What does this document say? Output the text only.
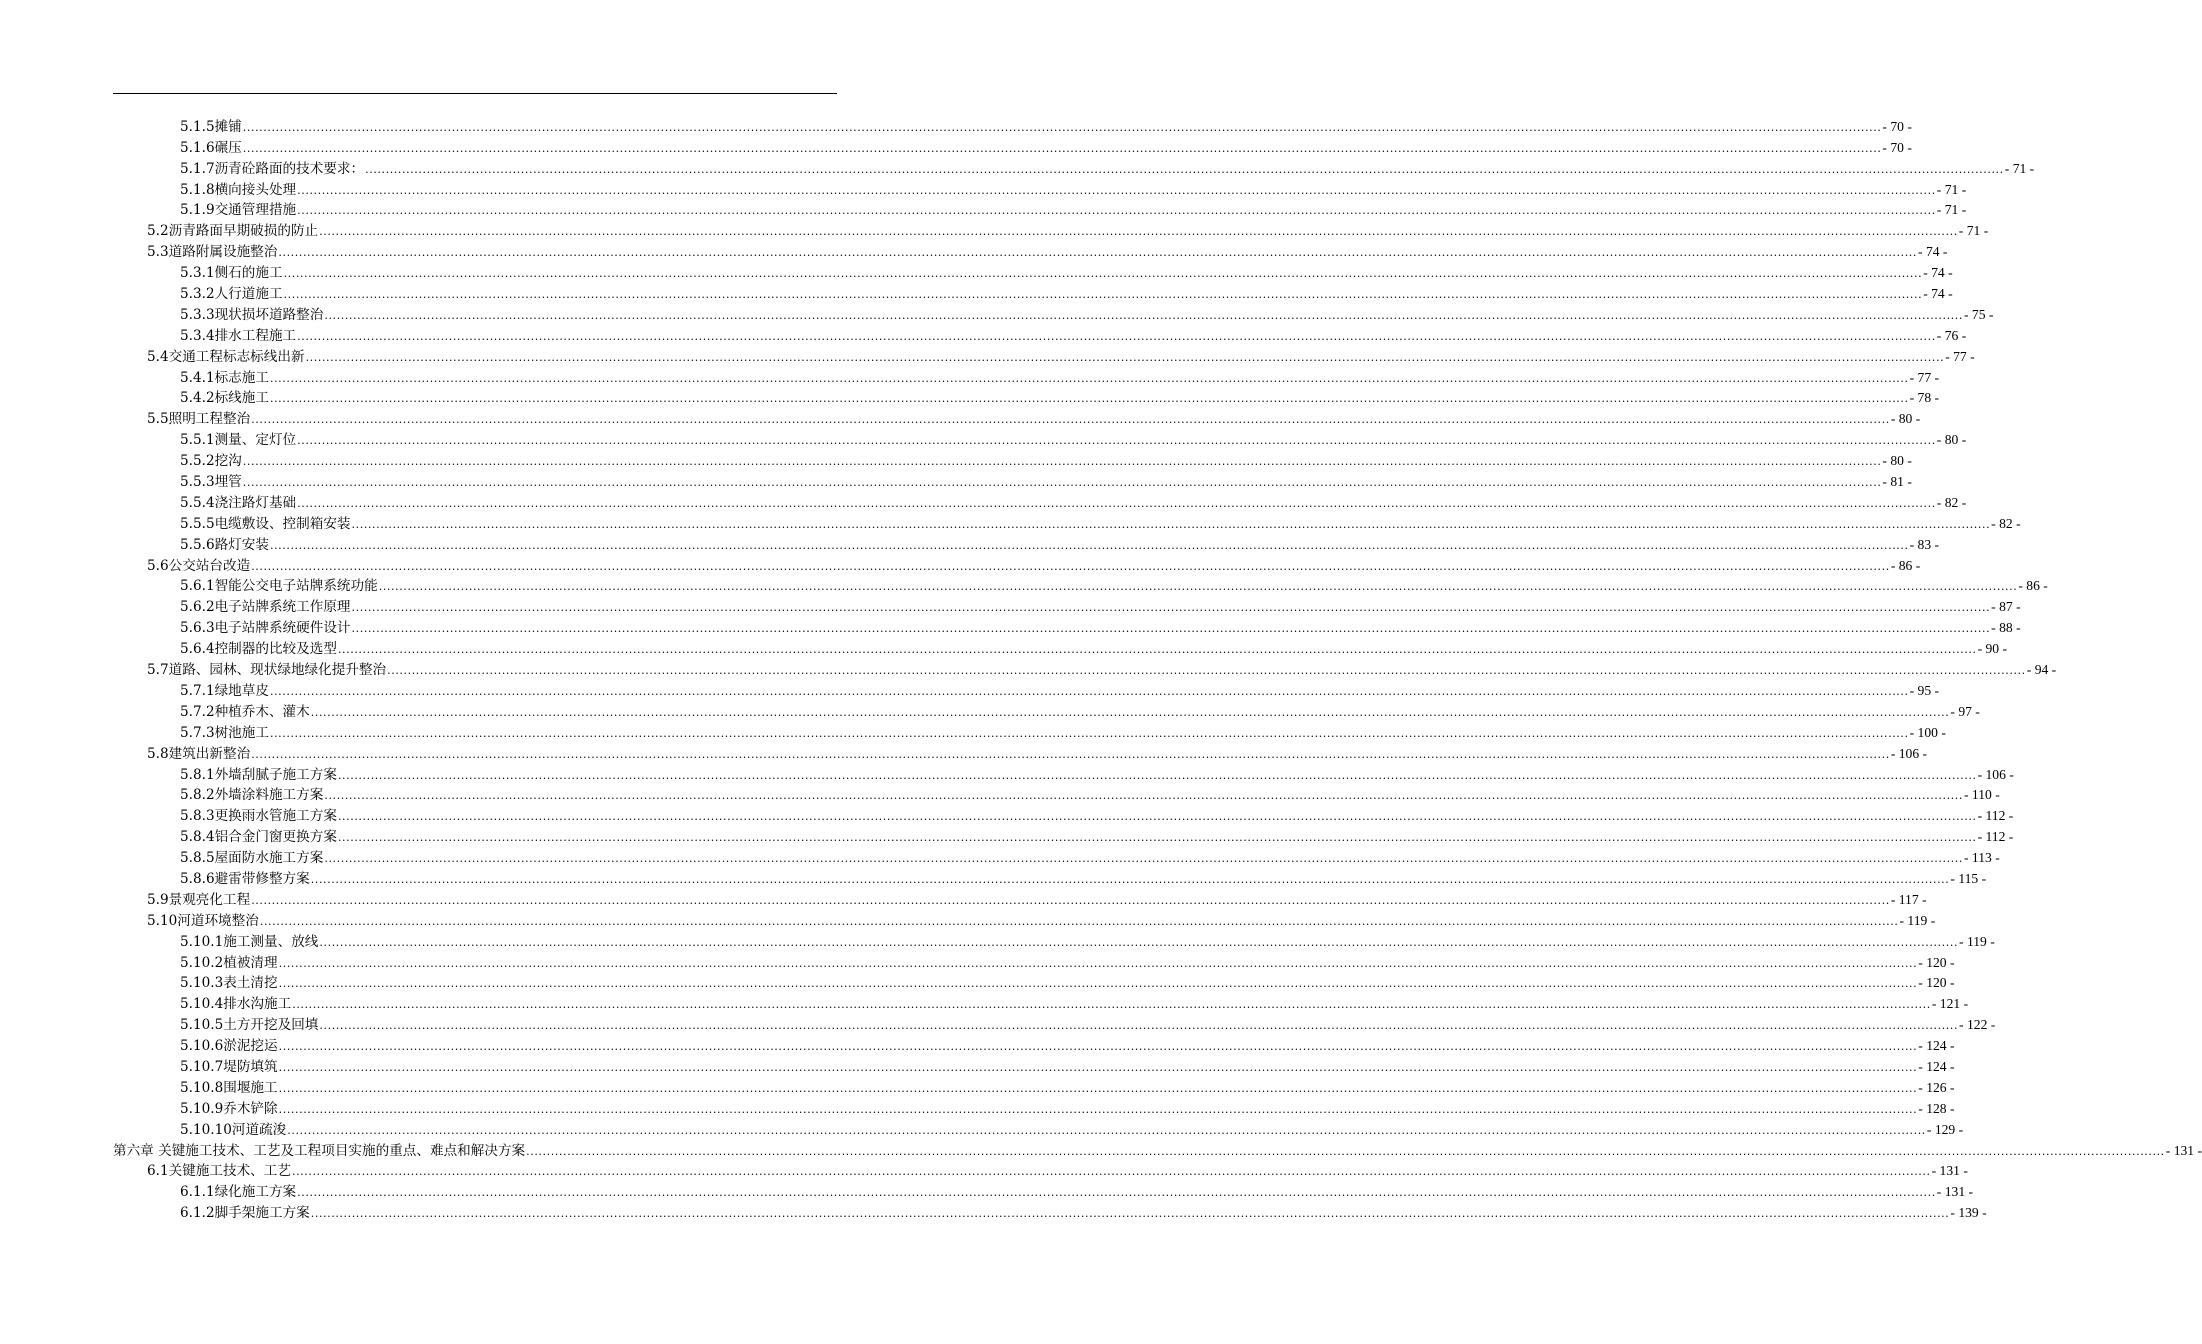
5.1.5摊铺 ................................................................................................................................................................................................................................................................................................................................................................................................................ - 70 -
5.1.6碾压 ................................................................................................................................................................................................................................................................................................................................................................................................................ - 70 -
5.1.7沥青砼路面的技术要求： ................................................................................................................................................................................................................................................................................................................................................................................................................ - 71 -
5.1.8横向接头处理 ................................................................................................................................................................................................................................................................................................................................................................................................................ - 71 -
5.1.9交通管理措施 ................................................................................................................................................................................................................................................................................................................................................................................................................ - 71 -
5.2沥青路面早期破损的防止 ................................................................................................................................................................................................................................................................................................................................................................................................................ - 71 -
5.3道路附属设施整治 ................................................................................................................................................................................................................................................................................................................................................................................................................ - 74 -
5.3.1侧石的施工 ................................................................................................................................................................................................................................................................................................................................................................................................................ - 74 -
5.3.2人行道施工 ................................................................................................................................................................................................................................................................................................................................................................................................................ - 74 -
5.3.3现状损坏道路整治 ................................................................................................................................................................................................................................................................................................................................................................................................................ - 75 -
5.3.4排水工程施工 ................................................................................................................................................................................................................................................................................................................................................................................................................ - 76 -
5.4交通工程标志标线出新 ................................................................................................................................................................................................................................................................................................................................................................................................................ - 77 -
5.4.1标志施工 ................................................................................................................................................................................................................................................................................................................................................................................................................ - 77 -
5.4.2标线施工 ................................................................................................................................................................................................................................................................................................................................................................................................................ - 78 -
5.5照明工程整治 ................................................................................................................................................................................................................................................................................................................................................................................................................ - 80 -
5.5.1测量、定灯位 ................................................................................................................................................................................................................................................................................................................................................................................................................ - 80 -
5.5.2挖沟 ................................................................................................................................................................................................................................................................................................................................................................................................................ - 80 -
5.5.3埋管 ................................................................................................................................................................................................................................................................................................................................................................................................................ - 81 -
5.5.4浇注路灯基础 ................................................................................................................................................................................................................................................................................................................................................................................................................ - 82 -
5.5.5电缆敷设、控制箱安装 ................................................................................................................................................................................................................................................................................................................................................................................................................ - 82 -
5.5.6路灯安装 ................................................................................................................................................................................................................................................................................................................................................................................................................ - 83 -
5.6公交站台改造 ................................................................................................................................................................................................................................................................................................................................................................................................................ - 86 -
5.6.1智能公交电子站牌系统功能 ................................................................................................................................................................................................................................................................................................................................................................................................................ - 86 -
5.6.2电子站牌系统工作原理 ................................................................................................................................................................................................................................................................................................................................................................................................................ - 87 -
5.6.3电子站牌系统硬件设计 ................................................................................................................................................................................................................................................................................................................................................................................................................ - 88 -
5.6.4控制器的比较及选型 ................................................................................................................................................................................................................................................................................................................................................................................................................ - 90 -
5.7道路、园林、现状绿地绿化提升整治 ................................................................................................................................................................................................................................................................................................................................................................................................................ - 94 -
5.7.1绿地草皮 ................................................................................................................................................................................................................................................................................................................................................................................................................ - 95 -
5.7.2种植乔木、灌木 ................................................................................................................................................................................................................................................................................................................................................................................................................ - 97 -
5.7.3树池施工 ................................................................................................................................................................................................................................................................................................................................................................................................................ - 100 -
5.8建筑出新整治 ................................................................................................................................................................................................................................................................................................................................................................................................................ - 106 -
5.8.1外墙刮腻子施工方案 ................................................................................................................................................................................................................................................................................................................................................................................................................ - 106 -
5.8.2外墙涂料施工方案 ................................................................................................................................................................................................................................................................................................................................................................................................................ - 110 -
5.8.3更换雨水管施工方案 ................................................................................................................................................................................................................................................................................................................................................................................................................ - 112 -
5.8.4铝合金门窗更换方案 ................................................................................................................................................................................................................................................................................................................................................................................................................ - 112 -
5.8.5屋面防水施工方案 ................................................................................................................................................................................................................................................................................................................................................................................................................ - 113 -
5.8.6避雷带修整方案 ................................................................................................................................................................................................................................................................................................................................................................................................................ - 115 -
5.9景观亮化工程 ................................................................................................................................................................................................................................................................................................................................................................................................................ - 117 -
5.10河道环境整治 ................................................................................................................................................................................................................................................................................................................................................................................................................ - 119 -
5.10.1施工测量、放线 ................................................................................................................................................................................................................................................................................................................................................................................................................ - 119 -
5.10.2植被清理 ................................................................................................................................................................................................................................................................................................................................................................................................................ - 120 -
5.10.3表土清挖 ................................................................................................................................................................................................................................................................................................................................................................................................................ - 120 -
5.10.4排水沟施工 ................................................................................................................................................................................................................................................................................................................................................................................................................ - 121 -
5.10.5土方开挖及回填 ................................................................................................................................................................................................................................................................................................................................................................................................................ - 122 -
5.10.6淤泥挖运 ................................................................................................................................................................................................................................................................................................................................................................................................................ - 124 -
5.10.7堤防填筑 ................................................................................................................................................................................................................................................................................................................................................................................................................ - 124 -
5.10.8围堰施工 ................................................................................................................................................................................................................................................................................................................................................................................................................ - 126 -
5.10.9乔木铲除 ................................................................................................................................................................................................................................................................................................................................................................................................................ - 128 -
5.10.10河道疏浚 ................................................................................................................................................................................................................................................................................................................................................................................................................ - 129 -
第六章 关键施工技术、工艺及工程项目实施的重点、难点和解决方案 ................................................................................................................................................................................................................................................................................................................................................................................................................ - 131 -
6.1关键施工技术、工艺 ................................................................................................................................................................................................................................................................................................................................................................................................................ - 131 -
6.1.1绿化施工方案 ................................................................................................................................................................................................................................................................................................................................................................................................................ - 131 -
6.1.2脚手架施工方案 ................................................................................................................................................................................................................................................................................................................................................................................................................ - 139 -
